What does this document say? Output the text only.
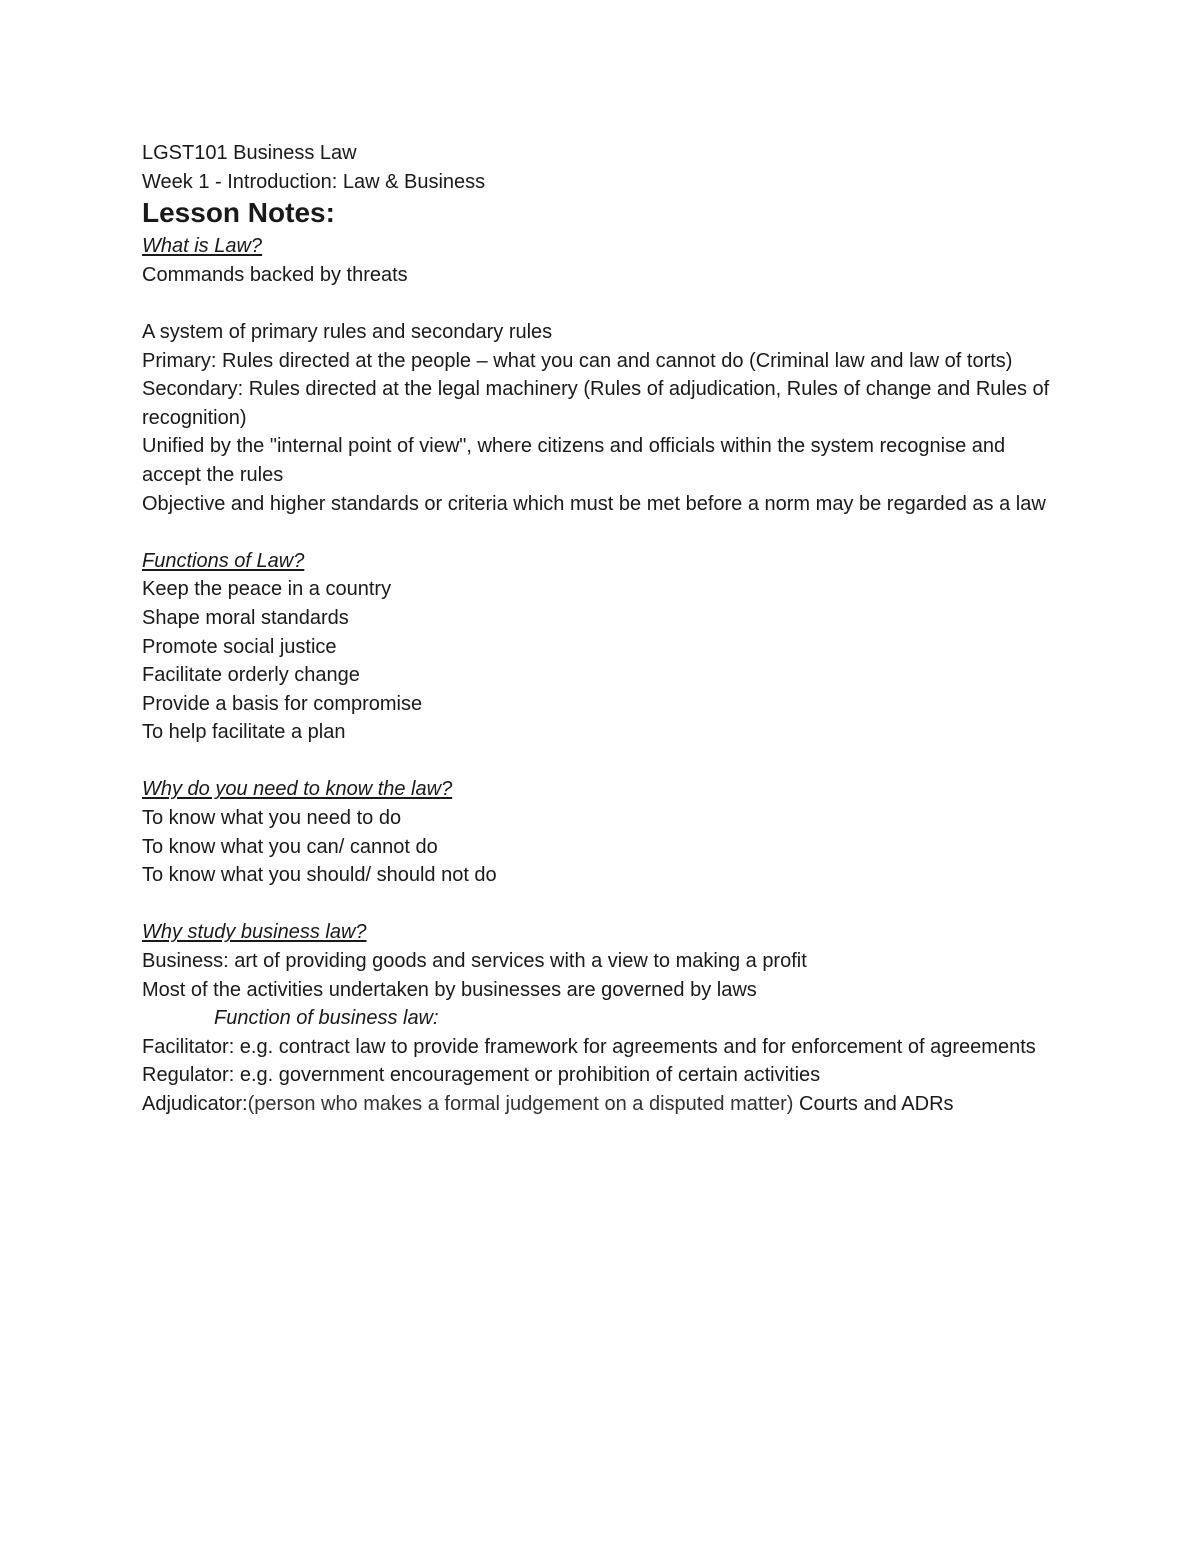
LGST101 Business Law
Week 1 - Introduction: Law & Business
Lesson Notes:
What is Law?
Commands backed by threats
A system of primary rules and secondary rules
Primary: Rules directed at the people – what you can and cannot do (Criminal law and law of torts)
Secondary: Rules directed at the legal machinery (Rules of adjudication, Rules of change and Rules of recognition)
Unified by the "internal point of view", where citizens and officials within the system recognise and accept the rules
Objective and higher standards or criteria which must be met before a norm may be regarded as a law
Functions of Law?
Keep the peace in a country
Shape moral standards
Promote social justice
Facilitate orderly change
Provide a basis for compromise
To help facilitate a plan
Why do you need to know the law?
To know what you need to do
To know what you can/ cannot do
To know what you should/ should not do
Why study business law?
Business: art of providing goods and services with a view to making a profit
Most of the activities undertaken by businesses are governed by laws
Function of business law:
Facilitator: e.g. contract law to provide framework for agreements and for enforcement of agreements
Regulator: e.g. government encouragement or prohibition of certain activities
Adjudicator:(person who makes a formal judgement on a disputed matter) Courts and ADRs
